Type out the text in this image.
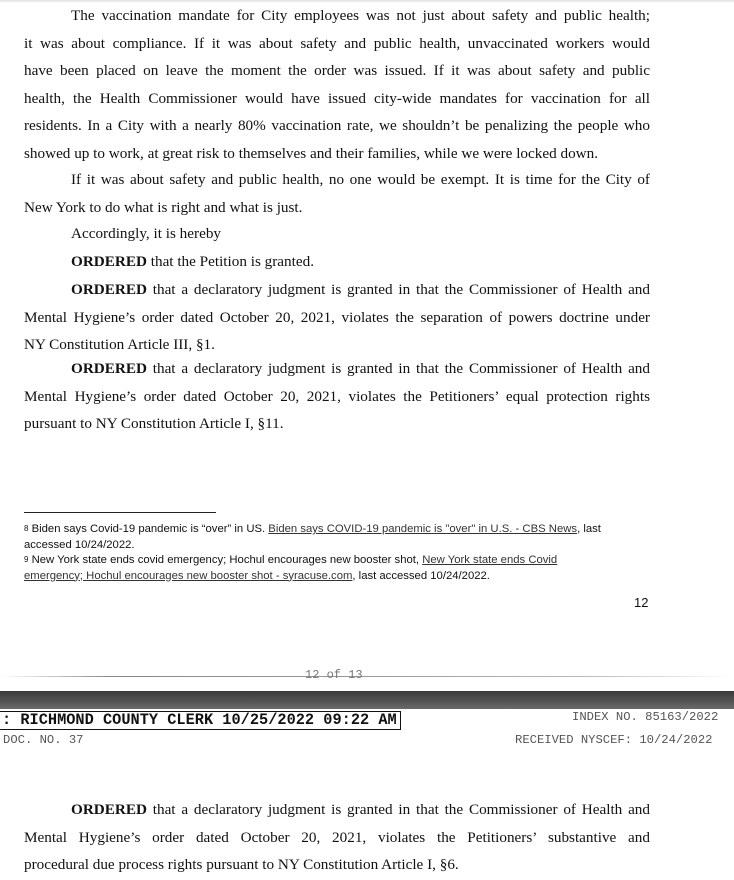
The vaccination mandate for City employees was not just about safety and public health;
it was about compliance. If it was about safety and public health, unvaccinated workers would
have been placed on leave the moment the order was issued. If it was about safety and public
health, the Health Commissioner would have issued city-wide mandates for vaccination for all
residents. In a City with a nearly 80% vaccination rate, we shouldn’t be penalizing the people who
showed up to work, at great risk to themselves and their families, while we were locked down.
If it was about safety and public health, no one would be exempt. It is time for the City of
New York to do what is right and what is just.
Accordingly, it is hereby
ORDERED that the Petition is granted.
ORDERED that a declaratory judgment is granted in that the Commissioner of Health and
Mental Hygiene’s order dated October 20, 2021, violates the separation of powers doctrine under
NY Constitution Article III, §1.
ORDERED that a declaratory judgment is granted in that the Commissioner of Health and
Mental Hygiene’s order dated October 20, 2021, violates the Petitioners’ equal protection rights
pursuant to NY Constitution Article I, §11.
$^8$ Biden says Covid-19 pandemic is “over” in US. Biden says COVID-19 pandemic is "over" in U.S. - CBS News, last
accessed 10/24/2022.
$^9$ New York state ends covid emergency; Hochul encourages new booster shot, New York state ends Covid
emergency; Hochul encourages new booster shot - syracuse.com, last accessed 10/24/2022.
12
12 of 13
: RICHMOND COUNTY CLERK 10/25/2022 09:22 AM	INDEX NO. 85163/2022
DOC. NO. 37	RECEIVED NYSCEF: 10/24/2022
ORDERED that a declaratory judgment is granted in that the Commissioner of Health and
Mental Hygiene’s order dated October 20, 2021, violates the Petitioners’ substantive and
procedural due process rights pursuant to NY Constitution Article I, §6.
